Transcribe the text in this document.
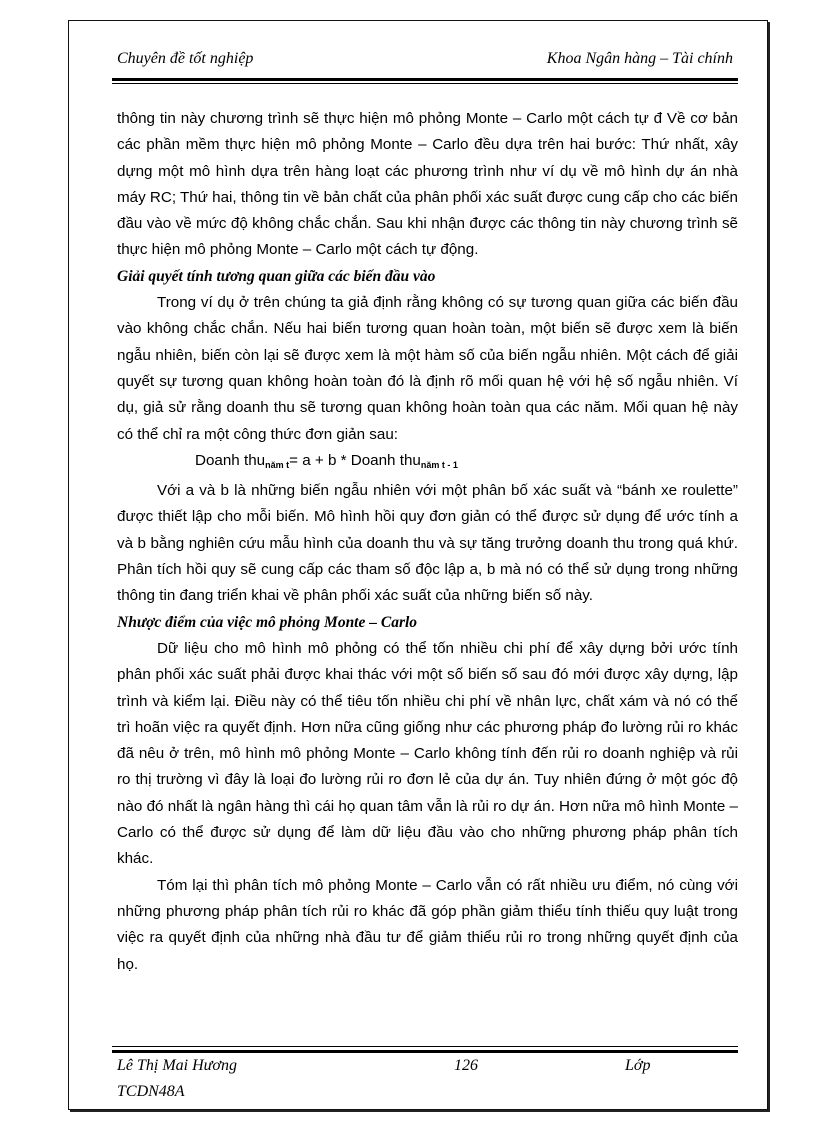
Chuyên đề tốt nghiệp	Khoa Ngân hàng – Tài chính

thông tin này chương trình sẽ thực hiện mô phỏng Monte – Carlo một cách tự đ Về cơ bản các phần mềm thực hiện mô phỏng Monte – Carlo đều dựa trên hai bước: Thứ nhất, xây dựng một mô hình dựa trên hàng loạt các phương trình như ví dụ về mô hình dự án nhà máy RC; Thứ hai, thông tin về bản chất của phân phối xác suất được cung cấp cho các biến đầu vào về mức độ không chắc chắn. Sau khi nhận được các thông tin này chương trình sẽ thực hiện mô phỏng Monte – Carlo một cách tự động.

Giải quyết tính tương quan giữa các biến đầu vào

Trong ví dụ ở trên chúng ta giả định rằng không có sự tương quan giữa các biến đầu vào không chắc chắn. Nếu hai biến tương quan hoàn toàn, một biến sẽ được xem là biến ngẫu nhiên, biến còn lại sẽ được xem là một hàm số của biến ngẫu nhiên. Một cách để giải quyết sự tương quan không hoàn toàn đó là định rõ mối quan hệ với hệ số ngẫu nhiên. Ví dụ, giả sử rằng doanh thu sẽ tương quan không hoàn toàn qua các năm. Mối quan hệ này có thể chỉ ra một công thức đơn giản sau:

Doanh thu$_{năm t}$= a + b * Doanh thu$_{năm t - 1}$

Với a và b là những biến ngẫu nhiên với một phân bố xác suất và “bánh xe roulette” được thiết lập cho mỗi biến. Mô hình hồi quy đơn giản có thể được sử dụng để ước tính a và b bằng nghiên cứu mẫu hình của doanh thu và sự tăng trưởng doanh thu trong quá khứ. Phân tích hồi quy sẽ cung cấp các tham số độc lập a, b mà nó có thể sử dụng trong những thông tin đang triển khai về phân phối xác suất của những biến số này.

Nhược điểm của việc mô phỏng Monte – Carlo

Dữ liệu cho mô hình mô phỏng có thể tốn nhiều chi phí để xây dựng bởi ước tính phân phối xác suất phải được khai thác với một số biến số sau đó mới được xây dựng, lập trình và kiểm lại. Điều này có thể tiêu tốn nhiều chi phí về nhân lực, chất xám và nó có thể trì hoãn việc ra quyết định. Hơn nữa cũng giống như các phương pháp đo lường rủi ro khác đã nêu ở trên, mô hình mô phỏng Monte – Carlo không tính đến rủi ro doanh nghiệp và rủi ro thị trường vì đây là loại đo lường rủi ro đơn lẻ của dự án. Tuy nhiên đứng ở một góc độ nào đó nhất là ngân hàng thì cái họ quan tâm vẫn là rủi ro dự án. Hơn nữa mô hình Monte – Carlo có thể được sử dụng để làm dữ liệu đầu vào cho những phương pháp phân tích khác.

Tóm lại thì phân tích mô phỏng Monte – Carlo vẫn có rất nhiều ưu điểm, nó cùng với những phương pháp phân tích rủi ro khác đã góp phần giảm thiểu tính thiếu quy luật trong việc ra quyết định của những nhà đầu tư để giảm thiểu rủi ro trong những quyết định của họ.

Lê Thị Mai Hương	126	Lớp
TCDN48A
